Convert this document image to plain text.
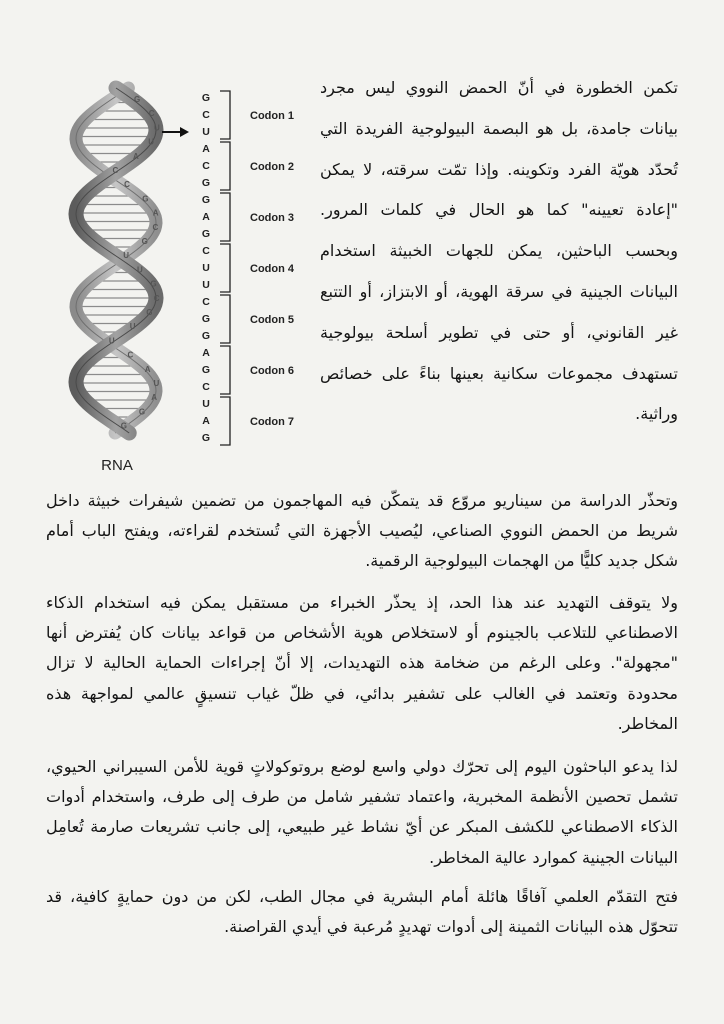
G
C
U
U
A
C
C
G
A
C
G
U
U
G
C
G
U
U
C
A
U
A
G
G
G
C
U
A
C
G
G
A
G
C
U
U
C
G
G
A
G
C
U
A
G
Codon 1
Codon 2
Codon 3
Codon 4
Codon 5
Codon 6
Codon 7
RNA

تكمن الخطورة في أنّ الحمض النووي ليس مجرد بيانات جامدة، بل هو البصمة البيولوجية الفريدة التي تُحدّد هويّة الفرد وتكوينه. وإذا تمّت سرقته، لا يمكن "إعادة تعيينه" كما هو الحال في كلمات المرور. وبحسب الباحثين، يمكن للجهات الخبيثة استخدام البيانات الجينية في سرقة الهوية، أو الابتزاز، أو التتبع غير القانوني، أو حتى في تطوير أسلحة بيولوجية تستهدف مجموعات سكانية بعينها بناءً على خصائص وراثية.

وتحذّر الدراسة من سيناريو مروّع قد يتمكّن فيه المهاجمون من تضمين شيفرات خبيثة داخل شريط من الحمض النووي الصناعي، ليُصيب الأجهزة التي تُستخدم لقراءته، ويفتح الباب أمام شكل جديد كليًّا من الهجمات البيولوجية الرقمية.

ولا يتوقف التهديد عند هذا الحد، إذ يحذّر الخبراء من مستقبل يمكن فيه استخدام الذكاء الاصطناعي للتلاعب بالجينوم أو لاستخلاص هوية الأشخاص من قواعد بيانات كان يُفترض أنها "مجهولة". وعلى الرغم من ضخامة هذه التهديدات، إلا أنّ إجراءات الحماية الحالية لا تزال محدودة وتعتمد في الغالب على تشفير بدائي، في ظلّ غياب تنسيقٍ عالمي لمواجهة هذه المخاطر.

لذا يدعو الباحثون اليوم إلى تحرّك دولي واسع لوضع بروتوكولاتٍ قوية للأمن السيبراني الحيوي، تشمل تحصين الأنظمة المخبرية، واعتماد تشفير شامل من طرف إلى طرف، واستخدام أدوات الذكاء الاصطناعي للكشف المبكر عن أيّ نشاط غير طبيعي، إلى جانب تشريعات صارمة تُعامِل البيانات الجينية كموارد عالية المخاطر.

فتح التقدّم العلمي آفاقًا هائلة أمام البشرية في مجال الطب، لكن من دون حمايةٍ كافية، قد تتحوّل هذه البيانات الثمينة إلى أدوات تهديدٍ مُرعبة في أيدي القراصنة.
